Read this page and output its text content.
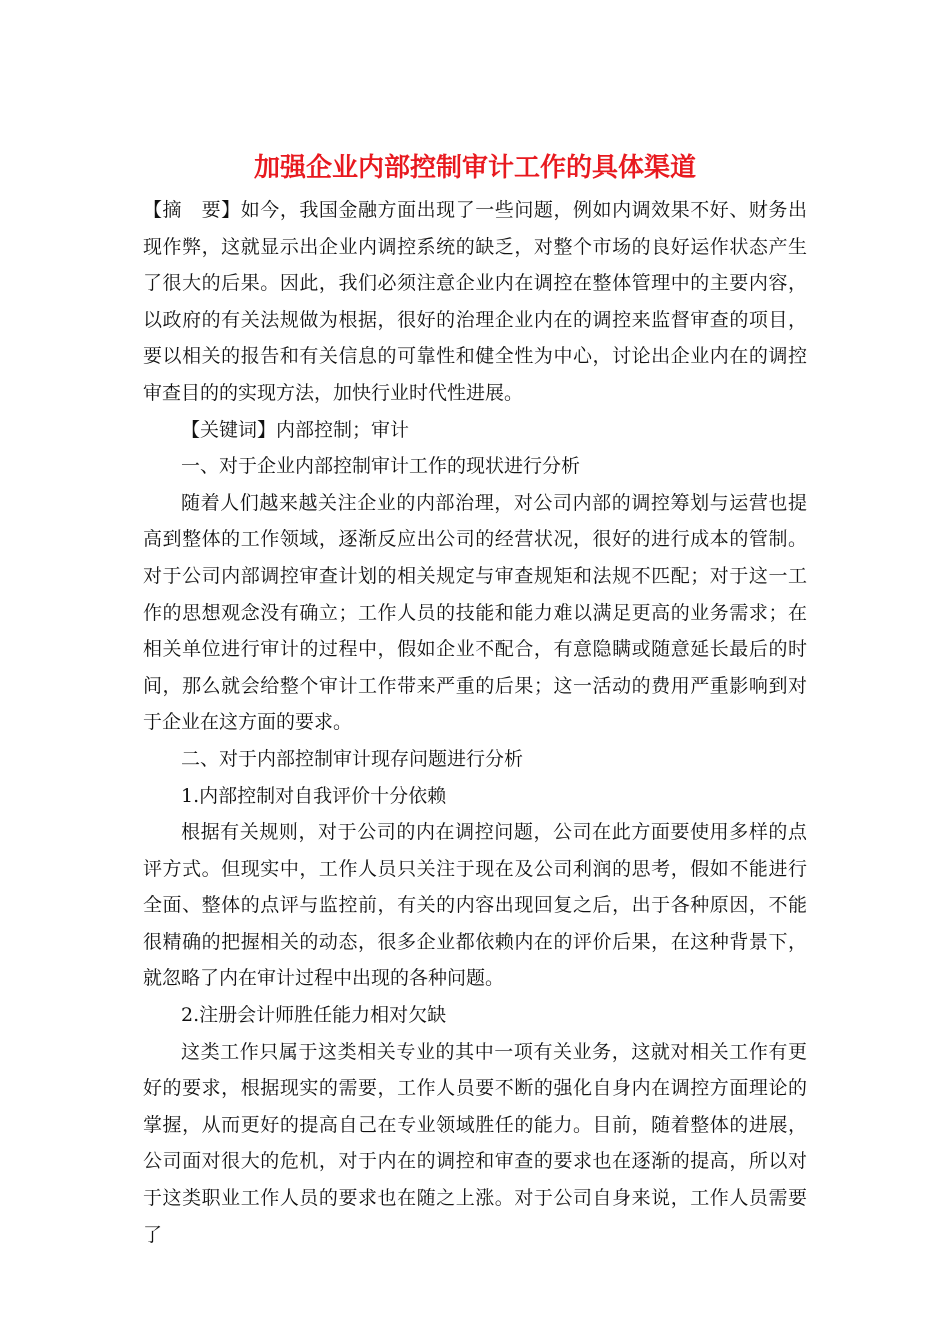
加强企业内部控制审计工作的具体渠道

【摘　要】如今，我国金融方面出现了一些问题，例如内调效果不好、财务出现作弊，这就显示出企业内调控系统的缺乏，对整个市场的良好运作状态产生了很大的后果。因此，我们必须注意企业内在调控在整体管理中的主要内容，以政府的有关法规做为根据，很好的治理企业内在的调控来监督审查的项目，要以相关的报告和有关信息的可靠性和健全性为中心，讨论出企业内在的调控审查目的的实现方法，加快行业时代性进展。

【关键词】内部控制；审计

一、对于企业内部控制审计工作的现状进行分析

随着人们越来越关注企业的内部治理，对公司内部的调控筹划与运营也提高到整体的工作领域，逐渐反应出公司的经营状况，很好的进行成本的管制。对于公司内部调控审查计划的相关规定与审查规矩和法规不匹配；对于这一工作的思想观念没有确立；工作人员的技能和能力难以满足更高的业务需求；在相关单位进行审计的过程中，假如企业不配合，有意隐瞒或随意延长最后的时间，那么就会给整个审计工作带来严重的后果；这一活动的费用严重影响到对于企业在这方面的要求。

二、对于内部控制审计现存问题进行分析

1.内部控制对自我评价十分依赖

根据有关规则，对于公司的内在调控问题，公司在此方面要使用多样的点评方式。但现实中，工作人员只关注于现在及公司利润的思考，假如不能进行全面、整体的点评与监控前，有关的内容出现回复之后，出于各种原因，不能很精确的把握相关的动态，很多企业都依赖内在的评价后果，在这种背景下，就忽略了内在审计过程中出现的各种问题。

2.注册会计师胜任能力相对欠缺

这类工作只属于这类相关专业的其中一项有关业务，这就对相关工作有更好的要求，根据现实的需要，工作人员要不断的强化自身内在调控方面理论的掌握，从而更好的提高自己在专业领域胜任的能力。目前，随着整体的进展，公司面对很大的危机，对于内在的调控和审查的要求也在逐渐的提高，所以对于这类职业工作人员的要求也在随之上涨。对于公司自身来说，工作人员需要了
